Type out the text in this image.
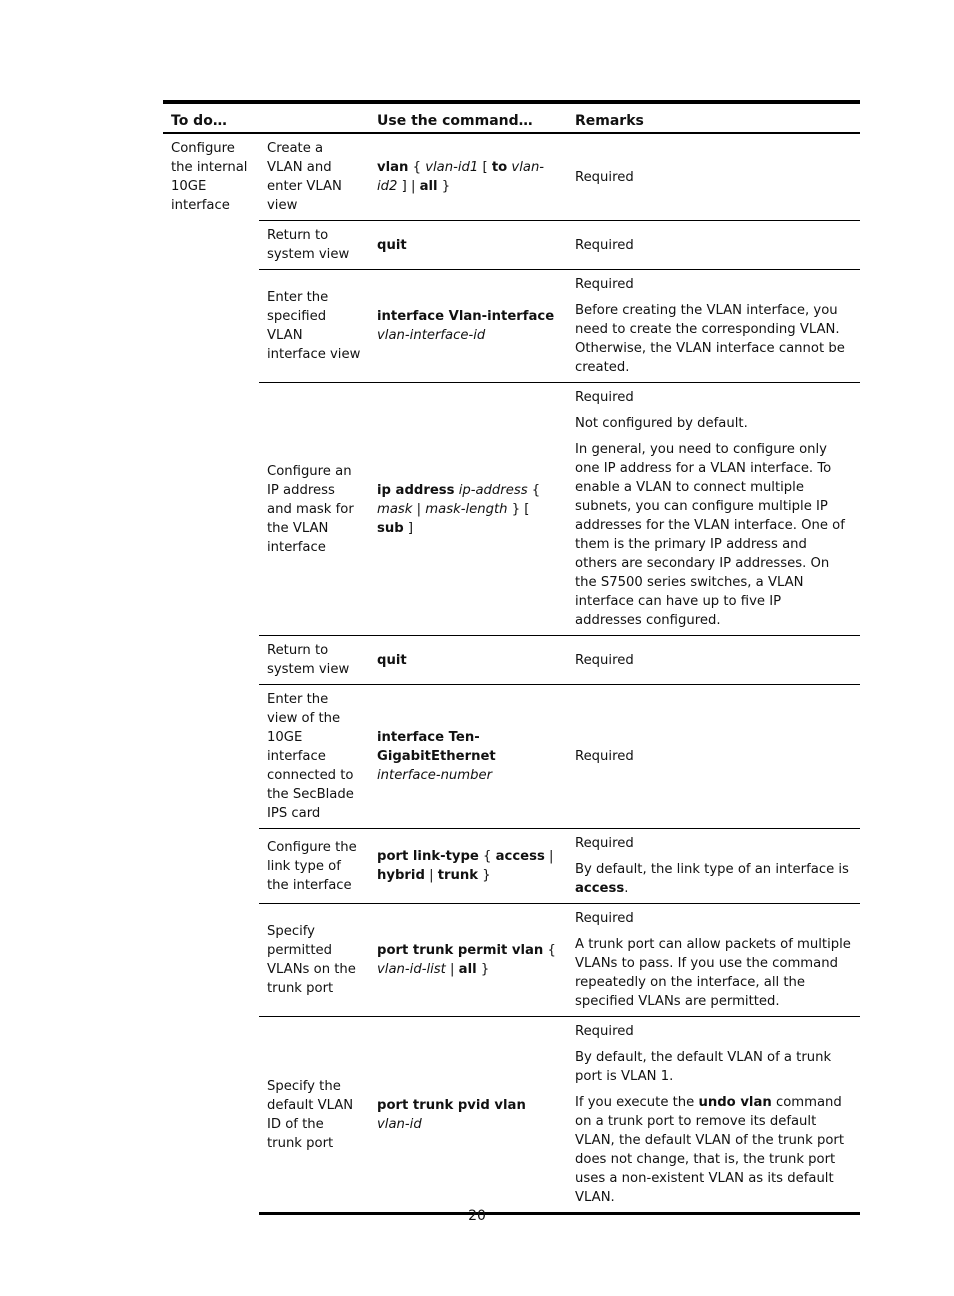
To do…		Use the command…	Remarks
Configure the internal 10GE interface	Create a VLAN and enter VLAN view	vlan { vlan-id1 [ to vlan-id2 ] | all }	Required

	Return to system view	quit	Required

	Enter the specified VLAN interface view	interface Vlan-interface vlan-interface-id	Required

Before creating the VLAN interface, you need to create the corresponding VLAN. Otherwise, the VLAN interface cannot be created.

	Configure an IP address and mask for the VLAN interface	ip address ip-address { mask | mask-length } [ sub ]	Required

Not configured by default.

In general, you need to configure only one IP address for a VLAN interface. To enable a VLAN to connect multiple subnets, you can configure multiple IP addresses for the VLAN interface. One of them is the primary IP address and others are secondary IP addresses. On the S7500 series switches, a VLAN interface can have up to five IP addresses configured.

	Return to system view	quit	Required

	Enter the view of the 10GE interface connected to the SecBlade IPS card	interface Ten-GigabitEthernet interface-number	Required

	Configure the link type of the interface	port link-type { access | hybrid | trunk }	Required

By default, the link type of an interface is access.

	Specify permitted VLANs on the trunk port	port trunk permit vlan { vlan-id-list | all }	Required

A trunk port can allow packets of multiple VLANs to pass. If you use the command repeatedly on the interface, all the specified VLANs are permitted.

	Specify the default VLAN ID of the trunk port	port trunk pvid vlan vlan-id	Required

By default, the default VLAN of a trunk port is VLAN 1.

If you execute the undo vlan command on a trunk port to remove its default VLAN, the default VLAN of the trunk port does not change, that is, the trunk port uses a non-existent VLAN as its default VLAN.

20
